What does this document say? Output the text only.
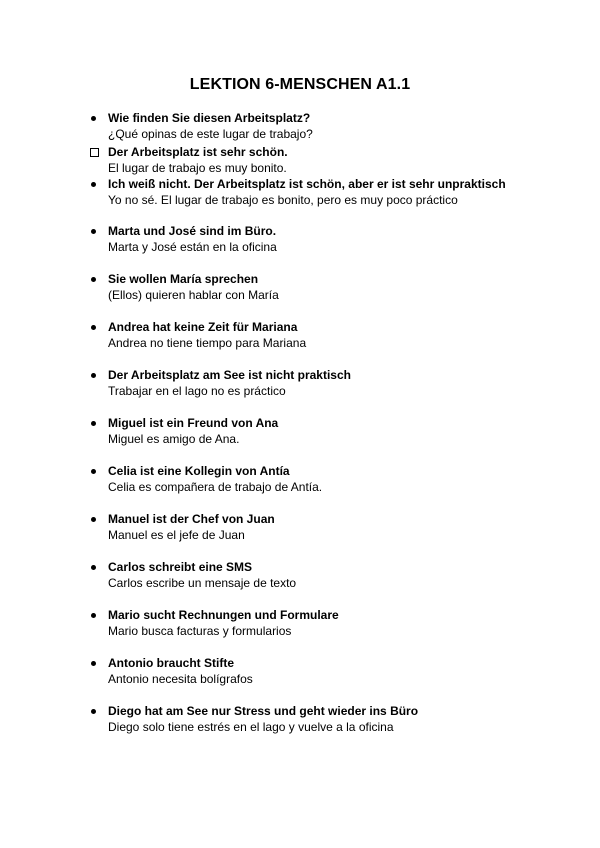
LEKTION 6-MENSCHEN A1.1
Wie finden Sie diesen Arbeitsplatz?
¿Qué opinas de este lugar de trabajo?
Der Arbeitsplatz ist sehr schön.
El lugar de trabajo es muy bonito.
Ich weiß nicht. Der Arbeitsplatz ist schön, aber er ist sehr unpraktisch
Yo no sé. El lugar de trabajo es bonito, pero es muy poco práctico
Marta und José sind im Büro.
Marta y José están en la oficina
Sie wollen María sprechen
(Ellos) quieren hablar con María
Andrea hat keine Zeit für Mariana
Andrea no tiene tiempo para Mariana
Der Arbeitsplatz am See ist nicht praktisch
Trabajar en el lago no es práctico
Miguel ist ein Freund von Ana
Miguel es amigo de Ana.
Celia ist eine Kollegin von Antía
Celia es compañera de trabajo de Antía.
Manuel ist der Chef von Juan
Manuel es el jefe de Juan
Carlos schreibt eine SMS
Carlos escribe un mensaje de texto
Mario sucht Rechnungen und Formulare
Mario busca facturas y formularios
Antonio braucht Stifte
Antonio necesita bolígrafos
Diego hat am See nur Stress und geht wieder ins Büro
Diego solo tiene estrés en el lago y vuelve a la oficina
